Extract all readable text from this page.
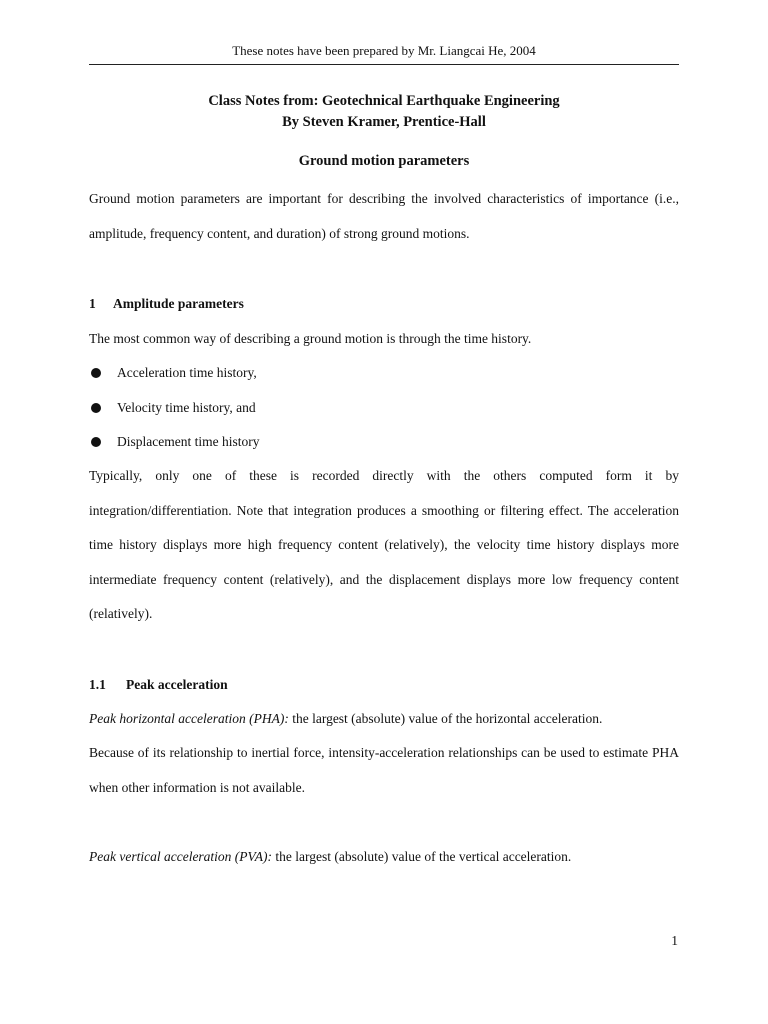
These notes have been prepared by Mr. Liangcai He, 2004
Class Notes from: Geotechnical Earthquake Engineering
By Steven Kramer, Prentice-Hall
Ground motion parameters
Ground motion parameters are important for describing the involved characteristics of importance (i.e., amplitude, frequency content, and duration) of strong ground motions.
1 Amplitude parameters
The most common way of describing a ground motion is through the time history.
Acceleration time history,
Velocity time history, and
Displacement time history
Typically, only one of these is recorded directly with the others computed form it by integration/differentiation. Note that integration produces a smoothing or filtering effect. The acceleration time history displays more high frequency content (relatively), the velocity time history displays more intermediate frequency content (relatively), and the displacement displays more low frequency content (relatively).
1.1 Peak acceleration
Peak horizontal acceleration (PHA): the largest (absolute) value of the horizontal acceleration.
Because of its relationship to inertial force, intensity-acceleration relationships can be used to estimate PHA when other information is not available.
Peak vertical acceleration (PVA): the largest (absolute) value of the vertical acceleration.
1
